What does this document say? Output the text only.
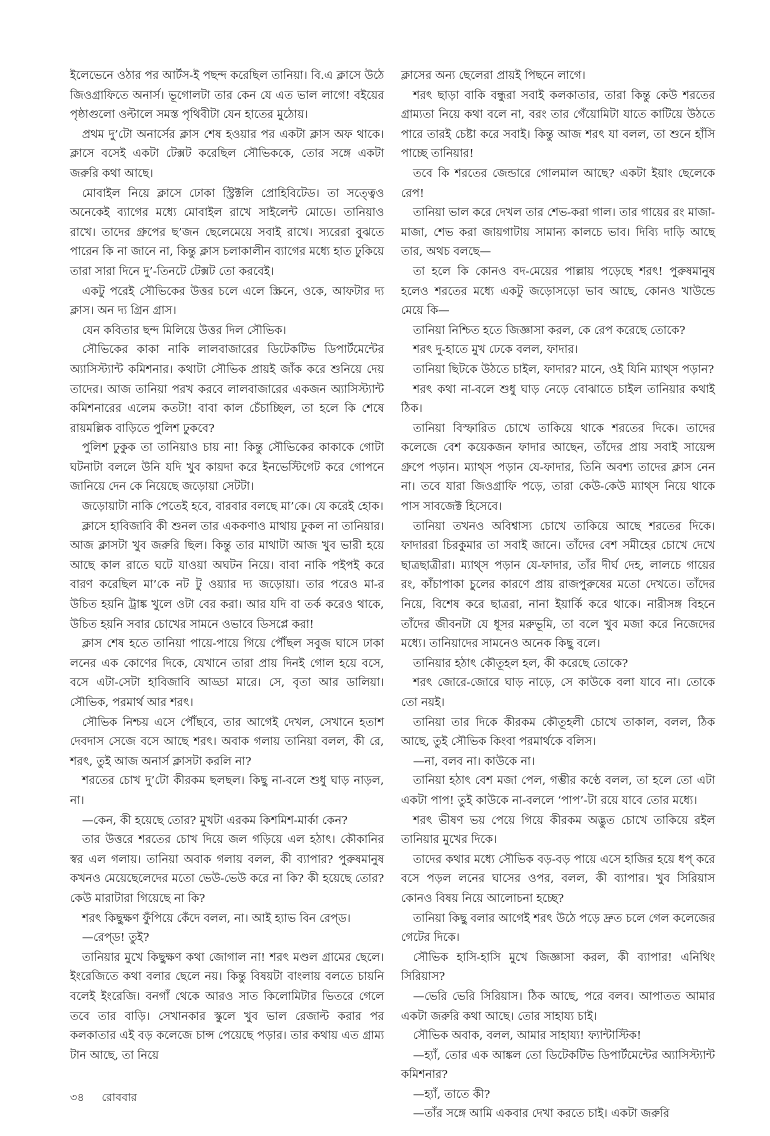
ইলেভেনে ওঠার পর আর্টস-ই পছন্দ করেছিল তানিয়া। বি.এ ক্লাসে উঠে জিওগ্রাফিতে অনার্স। ভূগোলটা তার কেন যে এত ভাল লাগে! বইয়ের পৃষ্ঠাগুলো ওল্টালে সমস্ত পৃথিবীটা যেন হাতের মুঠোয়।

প্রথম দু’টো অনার্সের ক্লাস শেষ হওয়ার পর একটা ক্লাস অফ থাকে। ক্লাসে বসেই একটা টেক্সট করেছিল সৌভিককে, তোর সঙ্গে একটা জরুরি কথা আছে।

মোবাইল নিয়ে ক্লাসে ঢোকা স্ট্রিক্টলি প্রোহিবিটেড। তা সত্ত্বেও অনেকেই ব্যাগের মধ্যে মোবাইল রাখে সাইলেন্ট মোডে। তানিয়াও রাখে। তাদের গ্রুপের ছ’জন ছেলেমেয়ে সবাই রাখে। স্যরেরা বুঝতে পারেন কি না জানে না, কিন্তু ক্লাস চলাকালীন ব্যাগের মধ্যে হাত ঢুকিয়ে তারা সারা দিনে দু’-তিনটে টেক্সট তো করবেই।

একটু পরেই সৌভিকের উত্তর চলে এলে স্ক্রিনে, ওকে, আফটার দ্য ক্লাস। অন দ্য গ্রিন গ্রাস।

যেন কবিতার ছন্দ মিলিয়ে উত্তর দিল সৌভিক।

সৌভিকের কাকা নাকি লালবাজারের ডিটেকটিভ ডিপার্টমেন্টের অ্যাসিস্ট্যান্ট কমিশনার। কথাটা সৌভিক প্রায়ই জাঁক করে শুনিয়ে দেয় তাদের। আজ তানিয়া পরখ করবে লালবাজারের একজন অ্যাসিস্ট্যান্ট কমিশনারের এলেম কতটা! বাবা কাল চেঁচাচ্ছিল, তা হলে কি শেষে রায়মল্লিক বাড়িতে পুলিশ ঢুকবে?

পুলিশ ঢুকুক তা তানিয়াও চায় না! কিন্তু সৌভিকের কাকাকে গোটা ঘটনাটা বললে উনি যদি খুব কায়দা করে ইনভেস্টিগেট করে গোপনে জানিয়ে দেন কে নিয়েছে জড়োয়া সেটটা।

জড়োয়াটা নাকি পেতেই হবে, বারবার বলছে মা’কে। যে করেই হোক।

ক্লাসে হাবিজাবি কী শুনল তার এককণাও মাথায় ঢুকল না তানিয়ার। আজ ক্লাসটা খুব জরুরি ছিল। কিন্তু তার মাথাটা আজ খুব ভারী হয়ে আছে কাল রাতে ঘটে যাওয়া অঘটন নিয়ে। বাবা নাকি পইপই করে বারণ করেছিল মা’কে নট টু ওয়্যার দ্য জড়োয়া। তার পরেও মা-র উচিত হয়নি ট্রাঙ্ক খুলে ওটা বের করা। আর যদি বা তর্ক করেও থাকে, উচিত হয়নি সবার চোখের সামনে ওভাবে ডিসপ্লে করা!

ক্লাস শেষ হতে তানিয়া পায়ে-পায়ে গিয়ে পৌঁছল সবুজ ঘাসে ঢাকা লনের এক কোণের দিকে, যেখানে তারা প্রায় দিনই গোল হয়ে বসে, বসে এটা-সেটা হাবিজাবি আড্ডা মারে। সে, বৃতা আর ডালিয়া। সৌভিক, পরমার্থ আর শরৎ।

সৌভিক নিশ্চয় এসে পৌঁছবে, তার আগেই দেখল, সেখানে হতাশ দেবদাস সেজে বসে আছে শরৎ। অবাক গলায় তানিয়া বলল, কী রে, শরৎ, তুই আজ অনার্স ক্লাসটা করলি না?

শরতের চোখ দু’টো কীরকম ছলছল। কিছু না-বলে শুধু ঘাড় নাড়ল, না।

—কেন, কী হয়েছে তোর? মুখটা এরকম কিশমিশ-মার্কা কেন?

তার উত্তরে শরতের চোখ দিয়ে জল গড়িয়ে এল হঠাৎ। কৌকানির স্বর এল গলায়। তানিয়া অবাক গলায় বলল, কী ব্যাপার? পুরুষমানুষ কখনও মেয়েছেলেদের মতো ভেউ-ভেউ করে না কি? কী হয়েছে তোর? কেউ মারাটারা গিয়েছে না কি?

শরৎ কিছুক্ষণ ফুঁপিয়ে কেঁদে বলল, না। আই হ্যাভ বিন রেপ্‌ড।

—রেপ্‌ড! তুই?

তানিয়ার মুখে কিছুক্ষণ কথা জোগাল না! শরৎ মণ্ডল গ্রামের ছেলে। ইংরেজিতে কথা বলার ছেলে নয়। কিন্তু বিষয়টা বাংলায় বলতে চায়নি বলেই ইংরেজি। বনগাঁ থেকে আরও সাত কিলোমিটার ভিতরে গেলে তবে তার বাড়ি। সেখানকার স্কুলে খুব ভাল রেজাল্ট করার পর কলকাতার এই বড় কলেজে চান্স পেয়েছে পড়ার। তার কথায় এত গ্রাম্য টান আছে, তা নিয়ে

ক্লাসের অন্য ছেলেরা প্রায়ই পিছনে লাগে।

শরৎ ছাড়া বাকি বন্ধুরা সবাই কলকাতার, তারা কিন্তু কেউ শরতের গ্রাম্যতা নিয়ে কথা বলে না, বরং তার গেঁয়োমিটা যাতে কাটিয়ে উঠতে পারে তারই চেষ্টা করে সবাই। কিন্তু আজ শরৎ যা বলল, তা শুনে হাঁসি পাচ্ছে তানিয়ার!

তবে কি শরতের জেন্ডারে গোলমাল আছে? একটা ইয়াং ছেলেকে রেপ!

তানিয়া ভাল করে দেখল তার শেভ-করা গাল। তার গায়ের রং মাজা-মাজা, শেভ করা জায়গাটায় সামান্য কালচে ভাব। দিব্যি দাড়ি আছে তার, অথচ বলছে—

তা হলে কি কোনও বদ-মেয়ের পাল্লায় পড়েছে শরৎ! পুরুষমানুষ হলেও শরতের মধ্যে একটু জড়োসড়ো ভাব আছে, কোনও খাউন্ডে মেয়ে কি—

তানিয়া নিশ্চিত হতে জিজ্ঞাসা করল, কে রেপ করেছে তোকে?

শরৎ দু-হাতে মুখ ঢেকে বলল, ফাদার।

তানিয়া ছিটকে উঠতে চাইল, ফাদার? মানে, ওই যিনি ম্যাথ্‌স পড়ান?

শরৎ কথা না-বলে শুধু ঘাড় নেড়ে বোঝাতে চাইল তানিয়ার কথাই ঠিক।

তানিয়া বিস্ফারিত চোখে তাকিয়ে থাকে শরতের দিকে। তাদের কলেজে বেশ কয়েকজন ফাদার আছেন, তাঁদের প্রায় সবাই সায়েন্স গ্রুপে পড়ান। ম্যাথ্‌স পড়ান যে-ফাদার, তিনি অবশ্য তাদের ক্লাস নেন না। তবে যারা জিওগ্রাফি পড়ে, তারা কেউ-কেউ ম্যাথ্‌স নিয়ে থাকে পাস সাবজেক্ট হিসেবে।

তানিয়া তখনও অবিশ্বাস্য চোখে তাকিয়ে আছে শরতের দিকে। ফাদাররা চিরকুমার তা সবাই জানে। তাঁদের বেশ সমীহের চোখে দেখে ছাত্রছাত্রীরা। ম্যাথ্‌স পড়ান যে-ফাদার, তাঁর দীর্ঘ দেহ, লালচে গায়ের রং, কাঁচাপাকা চুলের কারণে প্রায় রাজপুরুষের মতো দেখতে। তাঁদের নিয়ে, বিশেষ করে ছাত্ররা, নানা ইয়ার্কি করে থাকে। নারীসঙ্গ বিহনে তাঁদের জীবনটা যে ধূসর মরুভূমি, তা বলে খুব মজা করে নিজেদের মধ্যে। তানিয়াদের সামনেও অনেক কিছু বলে।

তানিয়ার হঠাৎ কৌতূহল হল, কী করেছে তোকে?

শরৎ জোরে-জোরে ঘাড় নাড়ে, সে কাউকে বলা যাবে না। তোকে তো নয়ই।

তানিয়া তার দিকে কীরকম কৌতূহলী চোখে তাকাল, বলল, ঠিক আছে, তুই সৌভিক কিংবা পরমার্থকে বলিস।

—না, বলব না। কাউকে না।

তানিয়া হঠাৎ বেশ মজা পেল, গম্ভীর কণ্ঠে বলল, তা হলে তো এটা একটা পাপ! তুই কাউকে না-বললে ‘পাপ’-টা রয়ে যাবে তোর মধ্যে।

শরৎ ভীষণ ভয় পেয়ে গিয়ে কীরকম অদ্ভুত চোখে তাকিয়ে রইল তানিয়ার মুখের দিকে।

তাদের কথার মধ্যে সৌভিক বড়-বড় পায়ে এসে হাজির হয়ে ধপ্ করে বসে পড়ল লনের ঘাসের ওপর, বলল, কী ব্যাপার। খুব সিরিয়াস কোনও বিষয় নিয়ে আলোচনা হচ্ছে?

তানিয়া কিছু বলার আগেই শরৎ উঠে পড়ে দ্রুত চলে গেল কলেজের গেটের দিকে।

সৌভিক হাসি-হাসি মুখে জিজ্ঞাসা করল, কী ব্যাপার! এনিথিং সিরিয়াস?

—ভেরি ভেরি সিরিয়াস। ঠিক আছে, পরে বলব। আপাতত আমার একটা জরুরি কথা আছে। তোর সাহায্য চাই।

সৌভিক অবাক, বলল, আমার সাহায্য! ফ্যান্টাস্টিক!

—হ্যাঁ, তোর এক আঙ্কল তো ডিটেকটিভ ডিপার্টমেন্টের অ্যাসিস্ট্যান্ট কমিশনার?

—হ্যাঁ, তাতে কী?

—তাঁর সঙ্গে আমি একবার দেখা করতে চাই। একটা জরুরি

৩৪ রোববার
